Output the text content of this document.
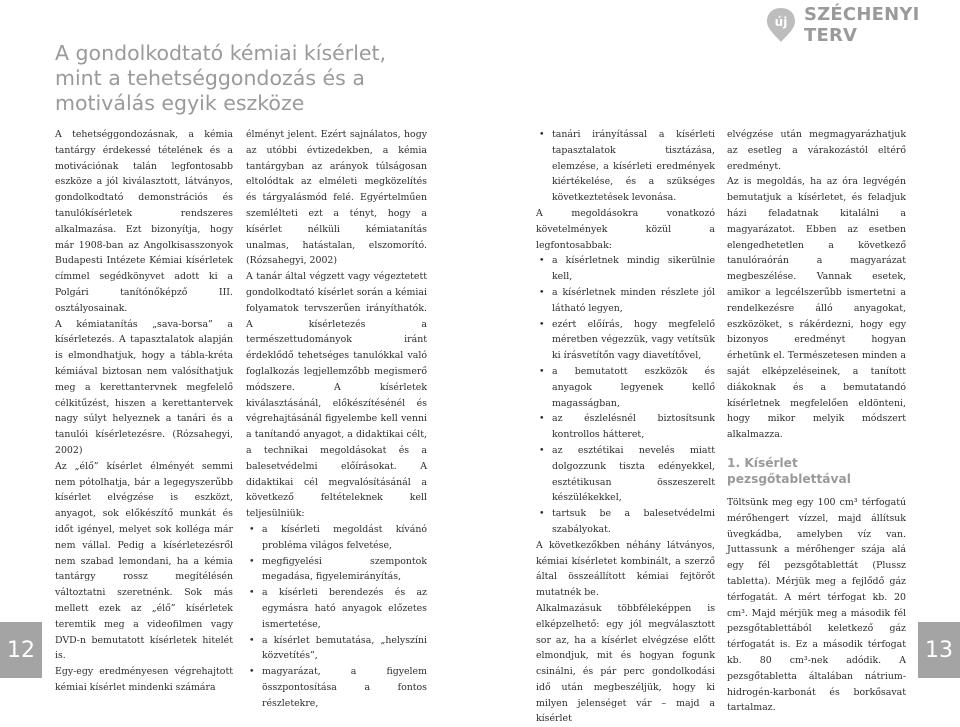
új SZÉCHENYI TERV
A gondolkodtató kémiai kísérlet, mint a tehetséggondozás és a motiválás egyik eszköze

A tehetséggondozásnak, a kémia tantárgy érdekessé tételének és a motivációnak talán legfontosabb eszköze a jól kiválasztott, látványos, gondolkodtató demonstrációs és tanulókísérletek rendszeres alkalmazása. Ezt bizonyítja, hogy már 1908-ban az Angolkisasszonyok Budapesti Intézete Kémiai kísérletek címmel segédkönyvet adott ki a Polgári tanítónőképző III. osztályosainak.

A kémiatanítás „sava-borsa” a kísérletezés. A tapasztalatok alapján is elmondhatjuk, hogy a tábla-kréta kémiával biztosan nem valósíthatjuk meg a kerettantervnek megfelelő célkitűzést, hiszen a kerettantervek nagy súlyt helyeznek a tanári és a tanulói kísérletezésre. (Rózsahegyi, 2002)

Az „élő” kísérlet élményét semmi nem pótolhatja, bár a legegyszerűbb kísérlet elvégzése is eszközt, anyagot, sok előkészítő munkát és időt igényel, melyet sok kolléga már nem vállal. Pedig a kísérletezésről nem szabad lemondani, ha a kémia tantárgy rossz megítélésén változtatni szeretnénk. Sok más mellett ezek az „élő” kísérletek teremtik meg a videofilmen vagy DVD-n bemutatott kísérletek hitelét is.

Egy-egy eredményesen végrehajtott kémiai kísérlet mindenki számára

élményt jelent. Ezért sajnálatos, hogy az utóbbi évtizedekben, a kémia tantárgyban az arányok túlságosan eltolódtak az elméleti megközelítés és tárgyalásmód felé. Egyértelműen szemlélteti ezt a tényt, hogy a kísérlet nélküli kémiatanítás unalmas, hatástalan, elszomorító. (Rózsahegyi, 2002)

A tanár által végzett vagy végeztetett gondolkodtató kísérlet során a kémiai folyamatok tervszerűen irányíthatók. A kísérletezés a természettudományok iránt érdeklődő tehetséges tanulókkal való foglalkozás legjellemzőbb megismerő módszere. A kísérletek kiválasztásánál, előkészítésénél és végrehajtásánál figyelembe kell venni a tanítandó anyagot, a didaktikai célt, a technikai megoldásokat és a balesetvédelmi előírásokat. A didaktikai cél megvalósításánál a következő feltételeknek kell teljesülniük:

• a kísérleti megoldást kívánó probléma világos felvetése,
• megfigyelési szempontok megadása, figyelemirányítás,
• a kísérleti berendezés és az egymásra ható anyagok előzetes ismertetése,
• a kísérlet bemutatása, „helyszíni közvetítés”,
• magyarázat, a figyelem összpontosítása a fontos részletekre,
• tanári irányítással a kísérleti tapasztalatok tisztázása, elemzése, a kísérleti eredmények kiértékelése, és a szükséges következtetések levonása.

A megoldásokra vonatkozó követelmények közül a legfontosabbak:

• a kísérletnek mindig sikerülnie kell,
• a kísérletnek minden részlete jól látható legyen,
• ezért előírás, hogy megfelelő méretben végezzük, vagy vetítsük ki írásvetítőn vagy diavetítővel,
• a bemutatott eszközök és anyagok legyenek kellő magasságban,
• az észlelésnél biztosítsunk kontrollos hátteret,
• az esztétikai nevelés miatt dolgozzunk tiszta edényekkel, esztétikusan összeszerelt készülékekkel,
• tartsuk be a balesetvédelmi szabályokat.

A következőkben néhány látványos, kémiai kísérletet kombinált, a szerző által összeállított kémiai fejtörőt mutatnék be.

Alkalmazásuk többféleképpen is elképzelhető: egy jól megválasztott sor az, ha a kísérlet elvégzése előtt elmondjuk, mit és hogyan fogunk csinálni, és pár perc gondolkodási idő után megbeszéljük, hogy ki milyen jelenséget vár – majd a kísérlet

elvégzése után megmagyarázhatjuk az esetleg a várakozástól eltérő eredményt.

Az is megoldás, ha az óra legvégén bemutatjuk a kísérletet, és feladjuk házi feladatnak kitalálni a magyarázatot. Ebben az esetben elengedhetetlen a következő tanulóraórán a magyarázat megbeszélése. Vannak esetek, amikor a legcélszerűbb ismertetni a rendelkezésre álló anyagokat, eszközöket, s rákérdezni, hogy egy bizonyos eredményt hogyan érhetünk el. Természetesen minden a saját elképzeléseinek, a tanított diákoknak és a bemutatandó kísérletnek megfelelően eldönteni, hogy mikor melyik módszert alkalmazza.

1. Kísérlet pezsgőtablettával

Töltsünk meg egy 100 cm³ térfogatú mérőhengert vízzel, majd állítsuk üvegkádba, amelyben víz van. Juttassunk a mérőhenger szája alá egy fél pezsgőtablettát (Plussz tabletta). Mérjük meg a fejlődő gáz térfogatát. A mért térfogat kb. 20 cm³. Majd mérjük meg a második fél pezsgőtablettából keletkező gáz térfogatát is. Ez a második térfogat kb. 80 cm³-nek adódik. A pezsgőtabletta általában nátrium-hidrogén-karbonát és borkősavat tartalmaz.

12	13
